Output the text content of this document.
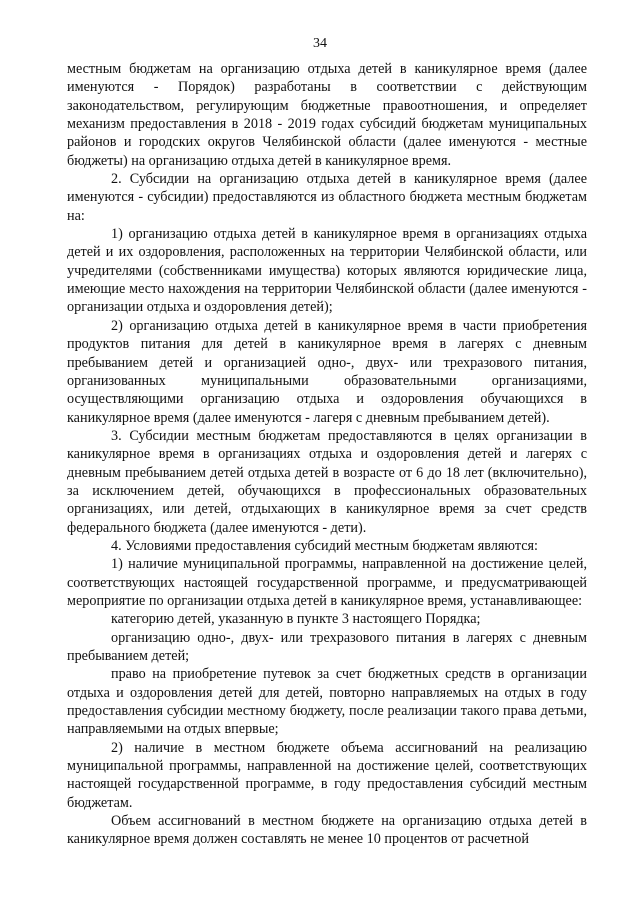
34

местным бюджетам на организацию отдыха детей в каникулярное время (далее именуются - Порядок) разработаны в соответствии с действующим законодательством, регулирующим бюджетные правоотношения, и определяет механизм предоставления в 2018 - 2019 годах субсидий бюджетам муниципальных районов и городских округов Челябинской области (далее именуются - местные бюджеты) на организацию отдыха детей в каникулярное время.

2. Субсидии на организацию отдыха детей в каникулярное время (далее именуются - субсидии) предоставляются из областного бюджета местным бюджетам на:

1) организацию отдыха детей в каникулярное время в организациях отдыха детей и их оздоровления, расположенных на территории Челябинской области, или учредителями (собственниками имущества) которых являются юридические лица, имеющие место нахождения на территории Челябинской области (далее именуются - организации отдыха и оздоровления детей);

2) организацию отдыха детей в каникулярное время в части приобретения продуктов питания для детей в каникулярное время в лагерях с дневным пребыванием детей и организацией одно-, двух- или трехразового питания, организованных муниципальными образовательными организациями, осуществляющими организацию отдыха и оздоровления обучающихся в каникулярное время (далее именуются - лагеря с дневным пребыванием детей).

3. Субсидии местным бюджетам предоставляются в целях организации в каникулярное время в организациях отдыха и оздоровления детей и лагерях с дневным пребыванием детей отдыха детей в возрасте от 6 до 18 лет (включительно), за исключением детей, обучающихся в профессиональных образовательных организациях, или детей, отдыхающих в каникулярное время за счет средств федерального бюджета (далее именуются - дети).

4. Условиями предоставления субсидий местным бюджетам являются:

1) наличие муниципальной программы, направленной на достижение целей, соответствующих настоящей государственной программе, и предусматривающей мероприятие по организации отдыха детей в каникулярное время, устанавливающее:

категорию детей, указанную в пункте 3 настоящего Порядка;

организацию одно-, двух- или трехразового питания в лагерях с дневным пребыванием детей;

право на приобретение путевок за счет бюджетных средств в организации отдыха и оздоровления детей для детей, повторно направляемых на отдых в году предоставления субсидии местному бюджету, после реализации такого права детьми, направляемыми на отдых впервые;

2) наличие в местном бюджете объема ассигнований на реализацию муниципальной программы, направленной на достижение целей, соответствующих настоящей государственной программе, в году предоставления субсидий местным бюджетам.

Объем ассигнований в местном бюджете на организацию отдыха детей в каникулярное время должен составлять не менее 10 процентов от расчетной
